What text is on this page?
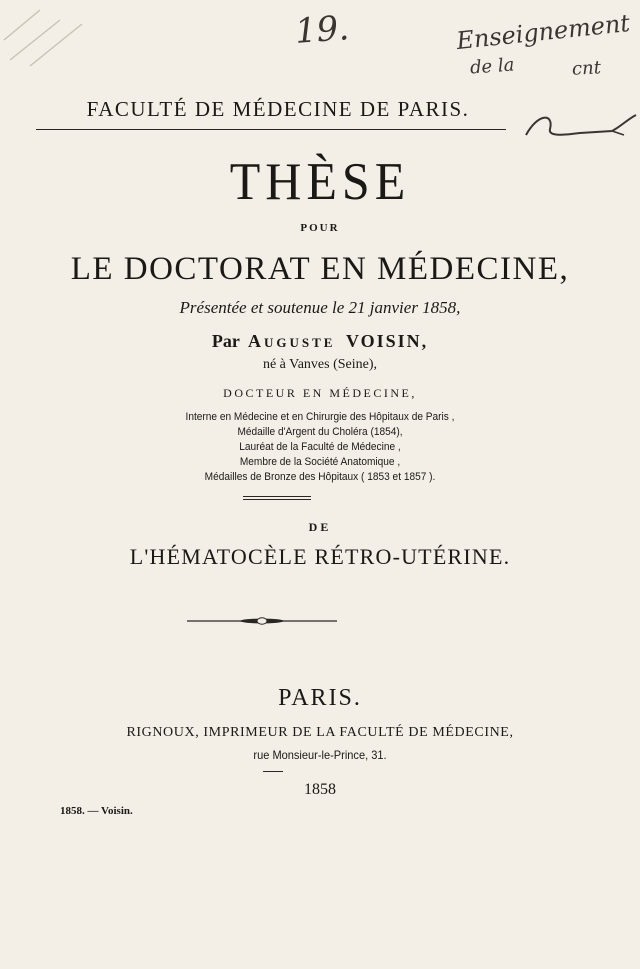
19.	Enseignement
de la	cnt
FACULTÉ DE MÉDECINE DE PARIS.
THÈSE
POUR
LE DOCTORAT EN MÉDECINE,
Présentée et soutenue le 21 janvier 1858,
Par Auguste VOISIN,
né à Vanves (Seine),
DOCTEUR EN MÉDECINE,
Interne en Médecine et en Chirurgie des Hôpitaux de Paris ,
Médaille d'Argent du Choléra (1854),
Lauréat de la Faculté de Médecine ,
Membre de la Société Anatomique ,
Médailles de Bronze des Hôpitaux ( 1853 et 1857 ).
DE
L'HÉMATOCÈLE RÉTRO-UTÉRINE.
PARIS.
RIGNOUX, IMPRIMEUR DE LA FACULTÉ DE MÉDECINE,
rue Monsieur-le-Prince, 31.
1858
1858. — Voisin.
